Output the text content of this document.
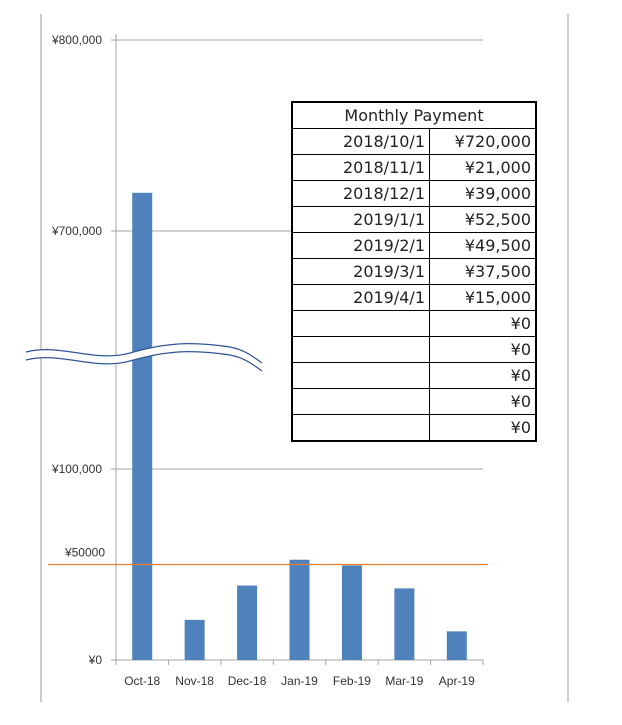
¥50000
Oct-18 Nov-18 Dec-18 Jan-19 Feb-19 Mar-19 Apr-19
¥0
¥100,000
¥700,000
¥800,000
Monthly Payment	
2018/10/1	¥720,000
2018/11/1	¥21,000
2018/12/1	¥39,000
2019/1/1	¥52,500
2019/2/1	¥49,500
2019/3/1	¥37,500
2019/4/1	¥15,000
	¥0
	¥0
	¥0
	¥0
	¥0
